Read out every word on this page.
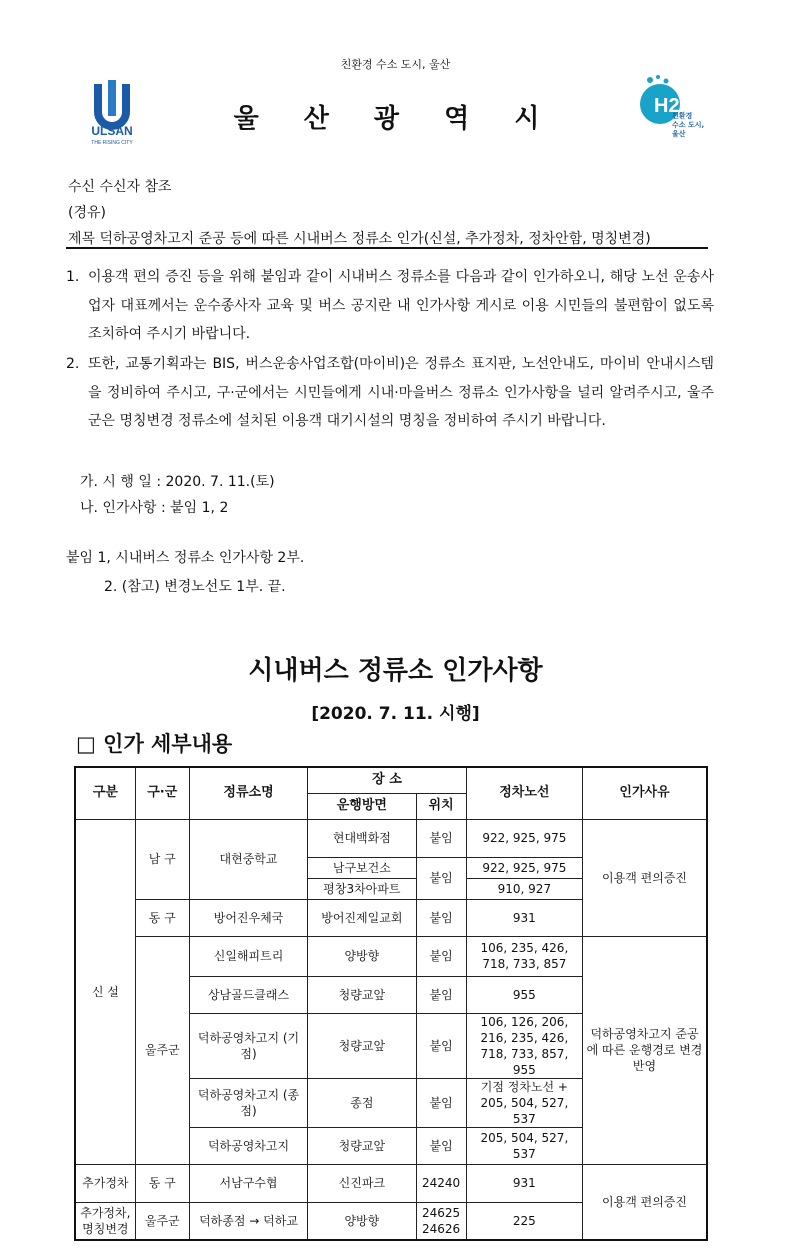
친환경 수소 도시, 울산
ULSAN
THE RISING CITY
울 산 광 역 시	H2
친환경
수소 도시,
울산
수신 수신자 참조
(경유)
제목 덕하공영차고지 준공 등에 따른 시내버스 정류소 인가(신설, 추가정차, 정차안함, 명칭변경)
1. 이용객 편의 증진 등을 위해 붙임과 같이 시내버스 정류소를 다음과 같이 인가하오니, 해당 노선 운송사업자 대표께서는 운수종사자 교육 및 버스 공지란 내 인가사항 게시로 이용 시민들의 불편함이 없도록 조치하여 주시기 바랍니다.
2. 또한, 교통기획과는 BIS, 버스운송사업조합(마이비)은 정류소 표지판, 노선안내도, 마이비 안내시스템을 정비하여 주시고, 구·군에서는 시민들에게 시내·마을버스 정류소 인가사항을 널리 알려주시고, 울주군은 명칭변경 정류소에 설치된 이용객 대기시설의 명칭을 정비하여 주시기 바랍니다.
가. 시 행 일 : 2020. 7. 11.(토)
나. 인가사항 : 붙임 1, 2
붙임 1, 시내버스 정류소 인가사항 2부.
2. (참고) 변경노선도 1부. 끝.
시내버스 정류소 인가사항
[2020. 7. 11. 시행]
□ 인가 세부내용
구분	구·군	정류소명	장 소		정차노선	인가사유
			운행방면	위치		
신 설	남 구	대현중학교	현대백화점	붙임	922, 925, 975	이용객 편의증진
			남구보건소	붙임	922, 925, 975	
			평창3차아파트		910, 927	
	동 구	방어진우체국	방어진제일교회	붙임	931	
	울주군	신일해피트리	양방향	붙임	106, 235, 426, 718, 733, 857	덕하공영차고지 준공에 따른 운행경로 변경 반영
		상남골드클래스	청량교앞	붙임	955	
		덕하공영차고지 (기점)	청량교앞	붙임	106, 126, 206, 216, 235, 426, 718, 733, 857, 955	
		덕하공영차고지 (종점)	종점	붙임	기점 정차노선 + 205, 504, 527, 537	
		덕하공영차고지	청량교앞	붙임	205, 504, 527, 537	
추가정차	동 구	서남구수협	신진파크	24240	931	이용객 편의증진
추가정차, 명칭변경	울주군	덕하종점 → 덕하교	양방향	24625 24626	225	
